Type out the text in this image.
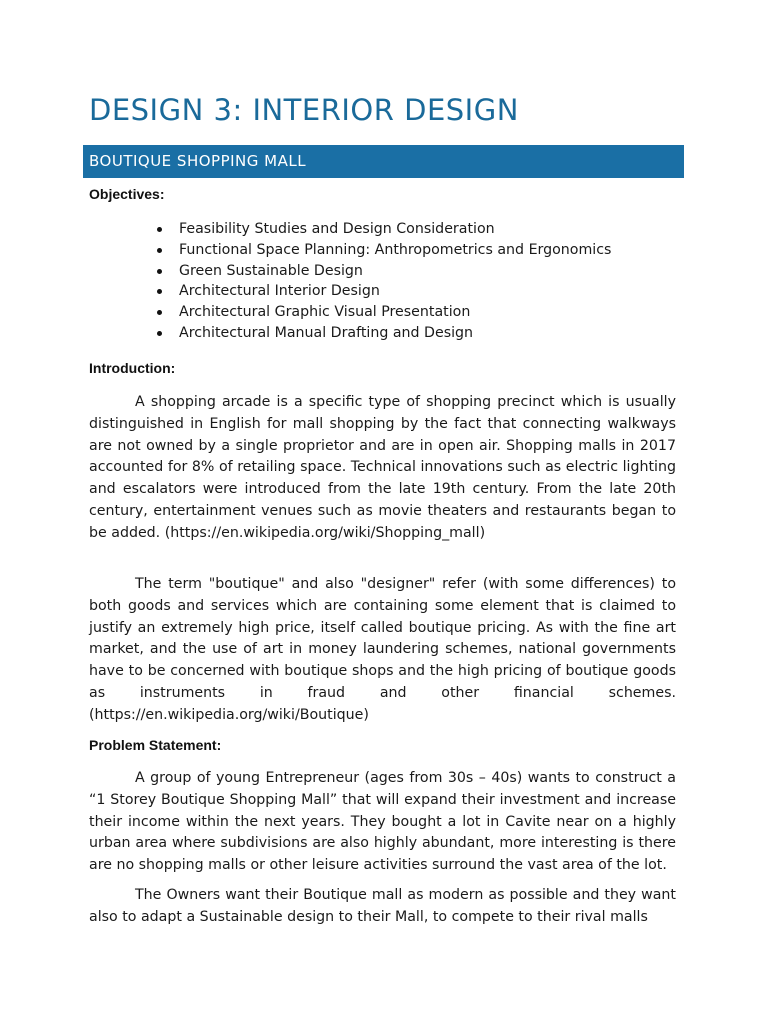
DESIGN 3: INTERIOR DESIGN
BOUTIQUE SHOPPING MALL
Objectives:
Feasibility Studies and Design Consideration
Functional Space Planning: Anthropometrics and Ergonomics
Green Sustainable Design
Architectural Interior Design
Architectural Graphic Visual Presentation
Architectural Manual Drafting and Design
Introduction:

A shopping arcade is a specific type of shopping precinct which is usually distinguished in English for mall shopping by the fact that connecting walkways are not owned by a single proprietor and are in open air. Shopping malls in 2017 accounted for 8% of retailing space. Technical innovations such as electric lighting and escalators were introduced from the late 19th century. From the late 20th century, entertainment venues such as movie theaters and restaurants began to be added. (https://en.wikipedia.org/wiki/Shopping_mall)

The term "boutique" and also "designer" refer (with some differences) to both goods and services which are containing some element that is claimed to justify an extremely high price, itself called boutique pricing. As with the fine art market, and the use of art in money laundering schemes, national governments have to be concerned with boutique shops and the high pricing of boutique goods as instruments in fraud and other financial schemes. (https://en.wikipedia.org/wiki/Boutique)

Problem Statement:

A group of young Entrepreneur (ages from 30s – 40s) wants to construct a “1 Storey Boutique Shopping Mall” that will expand their investment and increase their income within the next years. They bought a lot in Cavite near on a highly urban area where subdivisions are also highly abundant, more interesting is there are no shopping malls or other leisure activities surround the vast area of the lot.

The Owners want their Boutique mall as modern as possible and they want also to adapt a Sustainable design to their Mall, to compete to their rival malls
